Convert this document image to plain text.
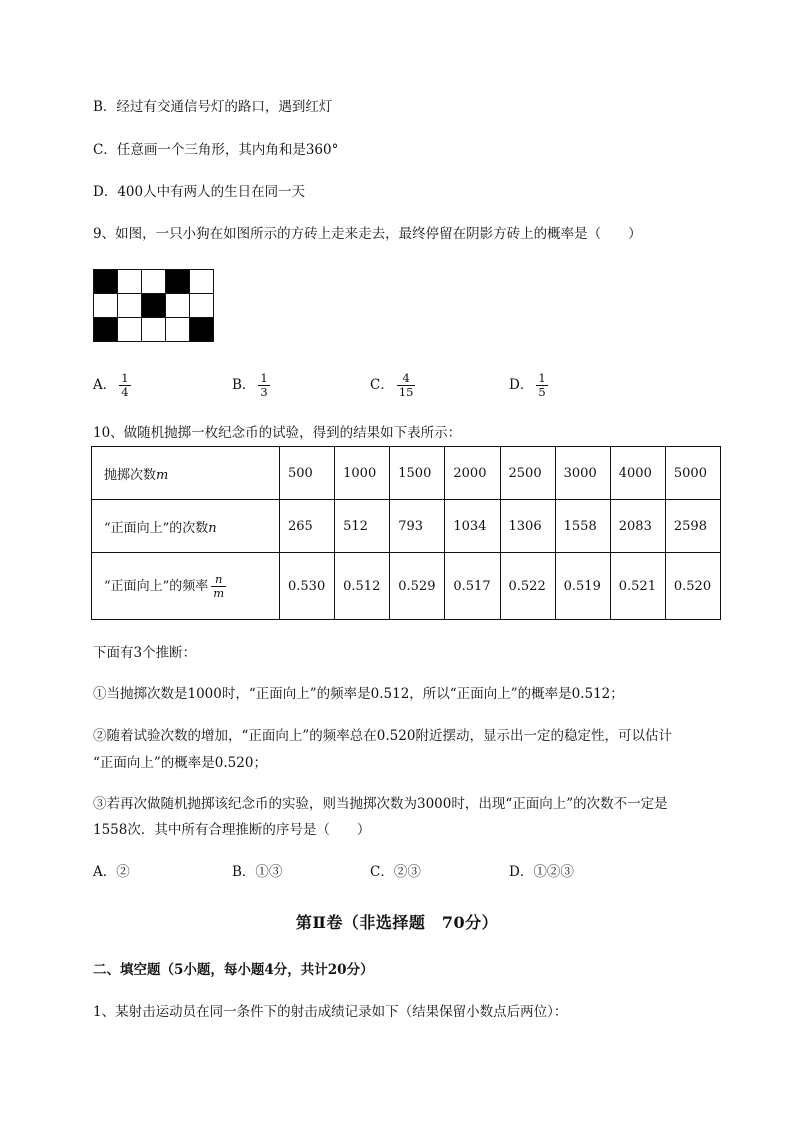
B．经过有交通信号灯的路口，遇到红灯
C．任意画一个三角形，其内角和是360°
D．400人中有两人的生日在同一天
9、如图，一只小狗在如图所示的方砖上走来走去，最终停留在阴影方砖上的概率是（　　）

A． $\frac{1}{4}$	B． $\frac{1}{3}$	C． $\frac{4}{15}$	D． $\frac{1}{5}$
10、做随机抛掷一枚纪念币的试验，得到的结果如下表所示：
抛掷次数m	500	1000	1500	2000	2500	3000	4000	5000
“正面向上”的次数n	265	512	793	1034	1306	1558	2083	2598
“正面向上”的频率 $\frac{n}{m}$	0.530	0.512	0.529	0.517	0.522	0.519	0.521	0.520
下面有3个推断：
①当抛掷次数是1000时，“正面向上”的频率是0.512，所以“正面向上”的概率是0.512；
②随着试验次数的增加，“正面向上”的频率总在0.520附近摆动，显示出一定的稳定性，可以估计
“正面向上”的概率是0.520；
③若再次做随机抛掷该纪念币的实验，则当抛掷次数为3000时，出现“正面向上”的次数不一定是
1558次．其中所有合理推断的序号是（　　）
A．②	B．①③	C．②③	D．①②③
第Ⅱ卷（非选择题　70分）
二、填空题（5小题，每小题4分，共计20分）
1、某射击运动员在同一条件下的射击成绩记录如下（结果保留小数点后两位）：
